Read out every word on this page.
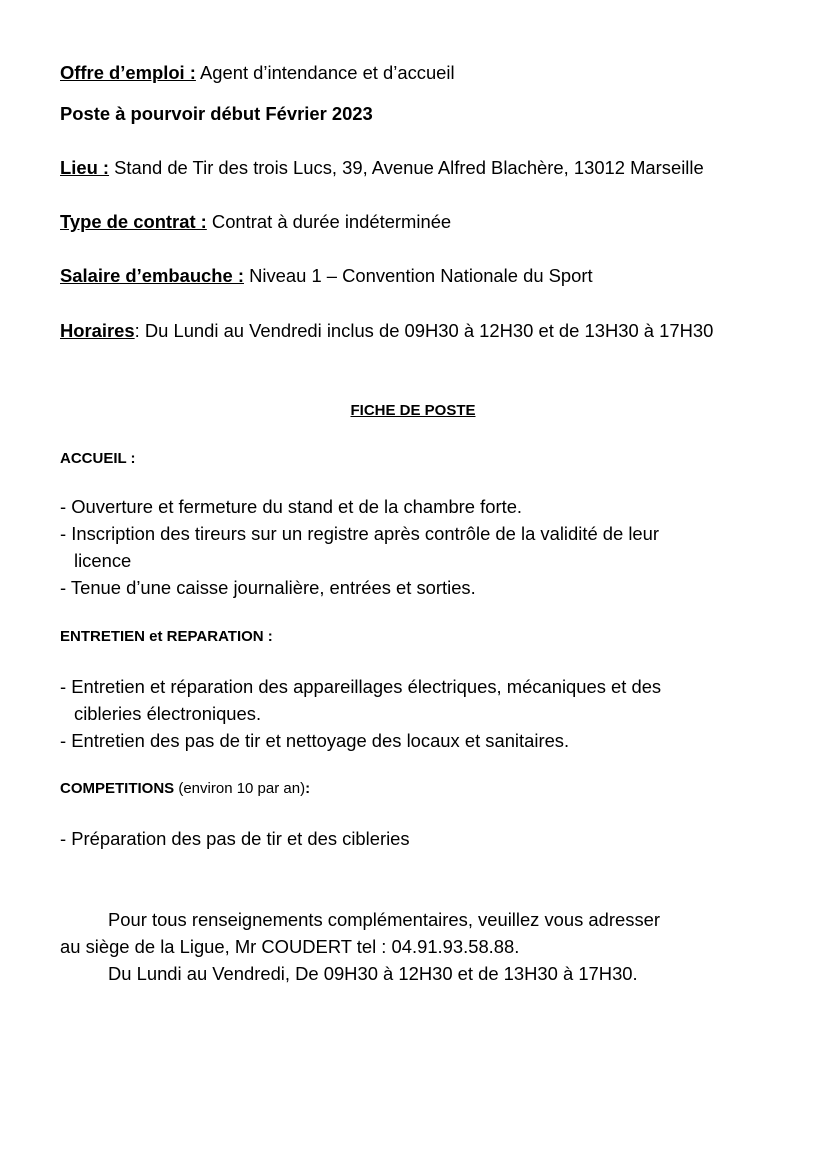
Offre d’emploi : Agent d’intendance et d’accueil
Poste à pourvoir début Février 2023
Lieu : Stand de Tir des trois Lucs, 39, Avenue Alfred Blachère, 13012 Marseille
Type de contrat : Contrat à durée indéterminée
Salaire d’embauche : Niveau 1 – Convention Nationale du Sport
Horaires: Du Lundi au Vendredi inclus de 09H30 à 12H30 et de 13H30 à 17H30
FICHE DE POSTE
ACCUEIL :
- Ouverture et fermeture du stand et de la chambre forte.
- Inscription des tireurs sur un registre après contrôle de la validité de leur
licence
- Tenue d’une caisse journalière, entrées et sorties.
ENTRETIEN et REPARATION :
- Entretien et réparation des appareillages électriques, mécaniques et des
cibleries électroniques.
- Entretien des pas de tir et nettoyage des locaux et sanitaires.
COMPETITIONS (environ 10 par an):
- Préparation des pas de tir et des cibleries
Pour tous renseignements complémentaires, veuillez vous adresser
au siège de la Ligue, Mr COUDERT tel : 04.91.93.58.88.
Du Lundi au Vendredi, De 09H30 à 12H30 et de 13H30 à 17H30.
